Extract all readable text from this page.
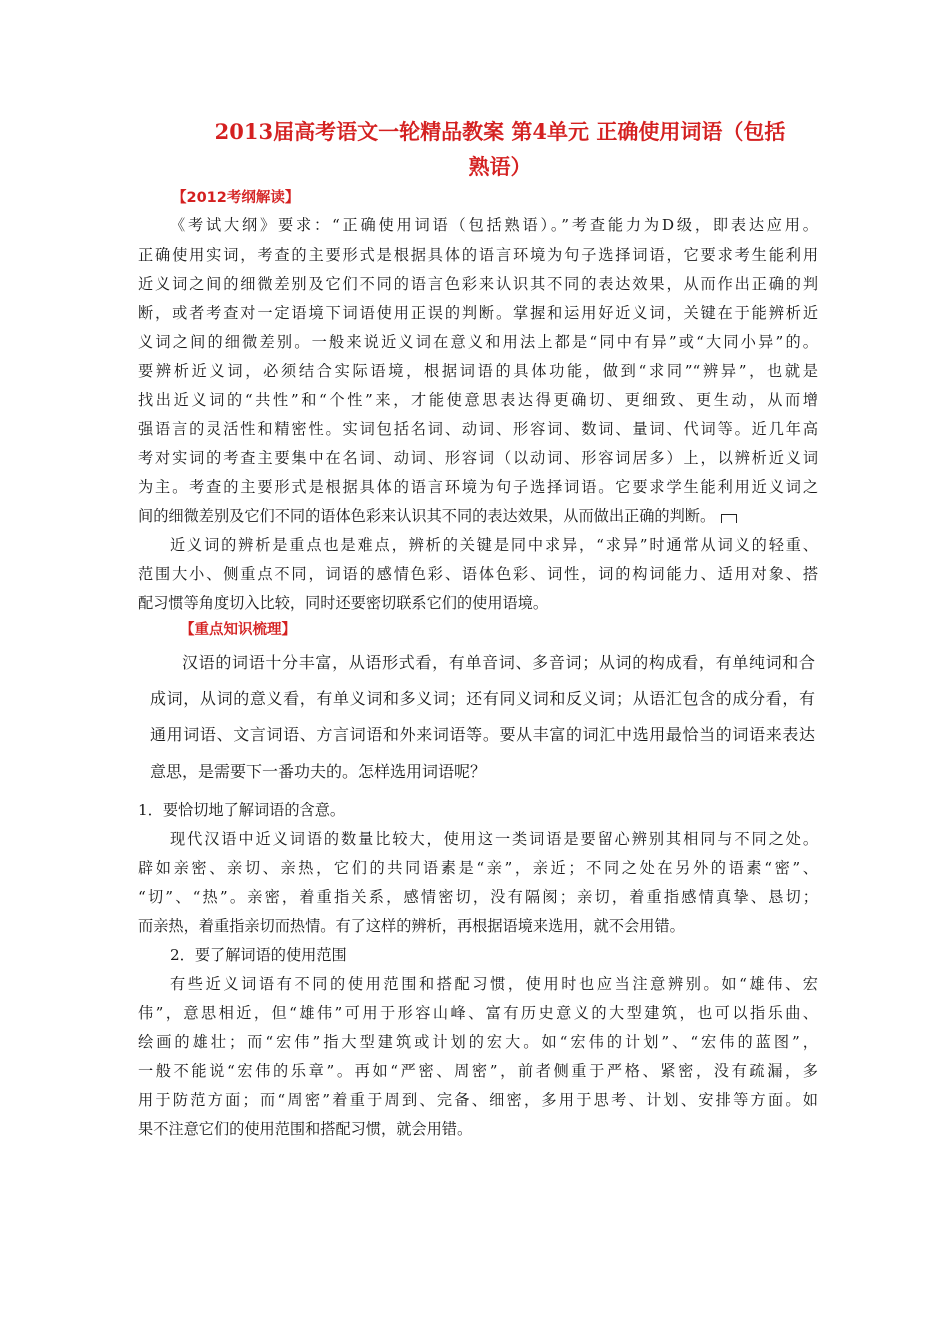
2013届高考语文一轮精品教案 第4单元 正确使用词语（包括
熟语）
【2012考纲解读】
《考试大纲》要求：“正确使用词语（包括熟语）。”考查能力为D级，即表达应用。
正确使用实词，考查的主要形式是根据具体的语言环境为句子选择词语，它要求考生能利用
近义词之间的细微差别及它们不同的语言色彩来认识其不同的表达效果，从而作出正确的判
断，或者考查对一定语境下词语使用正误的判断。掌握和运用好近义词，关键在于能辨析近
义词之间的细微差别。一般来说近义词在意义和用法上都是“同中有异”或“大同小异”的。
要辨析近义词，必须结合实际语境，根据词语的具体功能，做到“求同”“辨异”，也就是
找出近义词的“共性”和“个性”来，才能使意思表达得更确切、更细致、更生动，从而增
强语言的灵活性和精密性。实词包括名词、动词、形容词、数词、量词、代词等。近几年高
考对实词的考查主要集中在名词、动词、形容词（以动词、形容词居多）上，以辨析近义词
为主。考查的主要形式是根据具体的语言环境为句子选择词语。它要求学生能利用近义词之
间的细微差别及它们不同的语体色彩来认识其不同的表达效果，从而做出正确的判断。
近义词的辨析是重点也是难点，辨析的关键是同中求异，“求异”时通常从词义的轻重、
范围大小、侧重点不同，词语的感情色彩、语体色彩、词性，词的构词能力、适用对象、搭
配习惯等角度切入比较，同时还要密切联系它们的使用语境。
【重点知识梳理】
汉语的词语十分丰富，从语形式看，有单音词、多音词；从词的构成看，有单纯词和合
成词，从词的意义看，有单义词和多义词；还有同义词和反义词；从语汇包含的成分看，有
通用词语、文言词语、方言词语和外来词语等。要从丰富的词汇中选用最恰当的词语来表达
意思，是需要下一番功夫的。怎样选用词语呢？
1．要恰切地了解词语的含意。
现代汉语中近义词语的数量比较大，使用这一类词语是要留心辨别其相同与不同之处。
辟如亲密、亲切、亲热，它们的共同语素是“亲”，亲近；不同之处在另外的语素“密”、
“切”、“热”。亲密，着重指关系，感情密切，没有隔阂；亲切，着重指感情真挚、恳切；
而亲热，着重指亲切而热情。有了这样的辨析，再根据语境来选用，就不会用错。
2．要了解词语的使用范围
有些近义词语有不同的使用范围和搭配习惯，使用时也应当注意辨别。如“雄伟、宏
伟”，意思相近，但“雄伟”可用于形容山峰、富有历史意义的大型建筑，也可以指乐曲、
绘画的雄壮；而“宏伟”指大型建筑或计划的宏大。如“宏伟的计划”、“宏伟的蓝图”，
一般不能说“宏伟的乐章”。再如“严密、周密”，前者侧重于严格、紧密，没有疏漏，多
用于防范方面；而“周密”着重于周到、完备、细密，多用于思考、计划、安排等方面。如
果不注意它们的使用范围和搭配习惯，就会用错。
